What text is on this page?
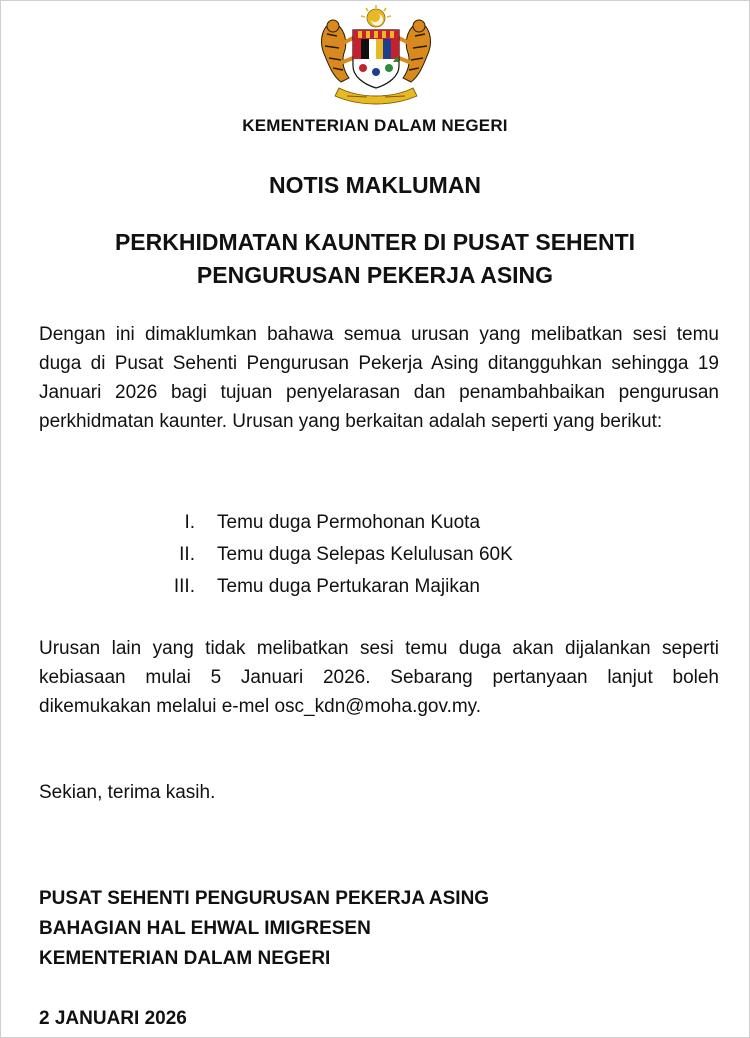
KEMENTERIAN DALAM NEGERI
NOTIS MAKLUMAN
PERKHIDMATAN KAUNTER DI PUSAT SEHENTI
PENGURUSAN PEKERJA ASING
Dengan ini dimaklumkan bahawa semua urusan yang melibatkan sesi temu duga di Pusat Sehenti Pengurusan Pekerja Asing ditangguhkan sehingga 19 Januari 2026 bagi tujuan penyelarasan dan penambahbaikan pengurusan perkhidmatan kaunter. Urusan yang berkaitan adalah seperti yang berikut:
I. Temu duga Permohonan Kuota
II. Temu duga Selepas Kelulusan 60K
III. Temu duga Pertukaran Majikan
Urusan lain yang tidak melibatkan sesi temu duga akan dijalankan seperti kebiasaan mulai 5 Januari 2026. Sebarang pertanyaan lanjut boleh dikemukakan melalui e-mel osc_kdn@moha.gov.my.
Sekian, terima kasih.
PUSAT SEHENTI PENGURUSAN PEKERJA ASING
BAHAGIAN HAL EHWAL IMIGRESEN
KEMENTERIAN DALAM NEGERI
2 JANUARI 2026
